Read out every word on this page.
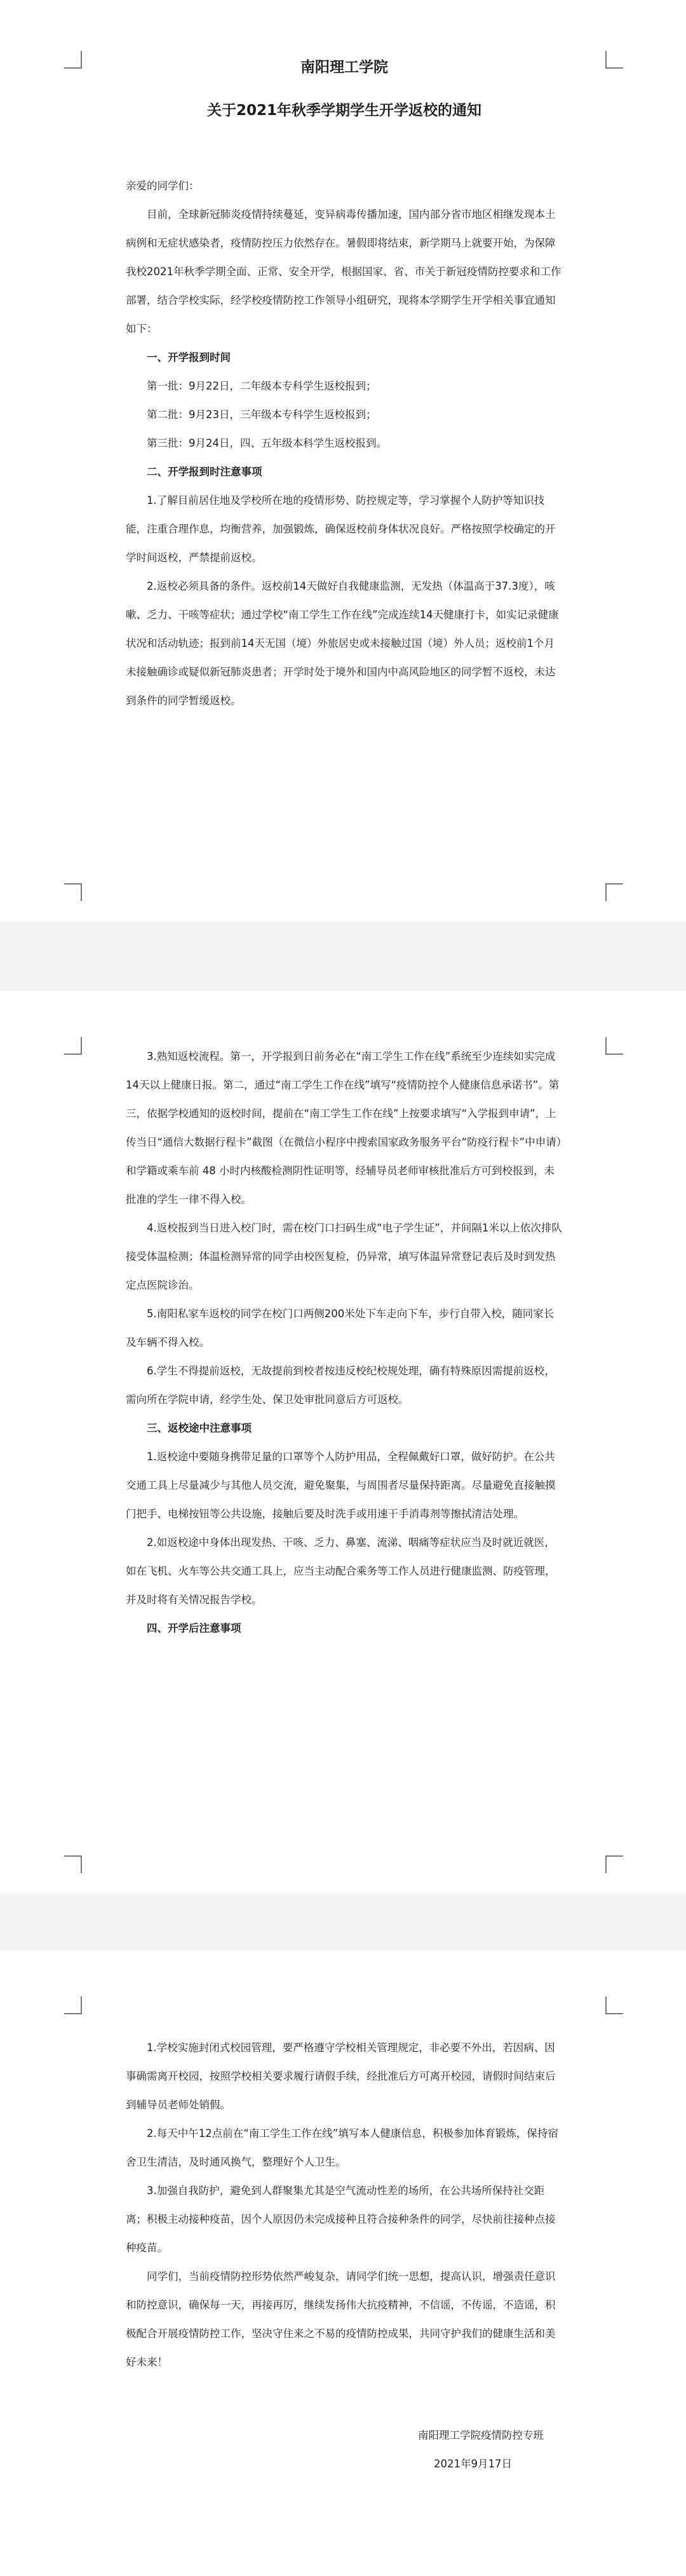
南阳理工学院

关于2021年秋季学期学生开学返校的通知

亲爱的同学们：

目前，全球新冠肺炎疫情持续蔓延，变异病毒传播加速，国内部分省市地区相继发现本土病例和无症状感染者，疫情防控压力依然存在。暑假即将结束，新学期马上就要开始，为保障我校2021年秋季学期全面、正常、安全开学，根据国家、省、市关于新冠疫情防控要求和工作部署，结合学校实际，经学校疫情防控工作领导小组研究，现将本学期学生开学相关事宜通知如下：

一、开学报到时间

第一批：9月22日，二年级本专科学生返校报到；

第二批：9月23日，三年级本专科学生返校报到；

第三批：9月24日，四、五年级本科学生返校报到。

二、开学报到时注意事项

1.了解目前居住地及学校所在地的疫情形势、防控规定等，学习掌握个人防护等知识技能，注重合理作息，均衡营养，加强锻炼，确保返校前身体状况良好。严格按照学校确定的开学时间返校，严禁提前返校。

2.返校必须具备的条件。返校前14天做好自我健康监测，无发热（体温高于37.3度），咳嗽、乏力、干咳等症状；通过学校“南工学生工作在线”完成连续14天健康打卡，如实记录健康状况和活动轨迹；报到前14天无国（境）外旅居史或未接触过国（境）外人员；返校前1个月未接触确诊或疑似新冠肺炎患者；开学时处于境外和国内中高风险地区的同学暂不返校，未达到条件的同学暂缓返校。

3.熟知返校流程。第一，开学报到日前务必在“南工学生工作在线”系统至少连续如实完成14天以上健康日报。第二，通过“南工学生工作在线”填写“疫情防控个人健康信息承诺书”。第三，依据学校通知的返校时间，提前在“南工学生工作在线”上按要求填写“入学报到申请”，上传当日“通信大数据行程卡”截图（在微信小程序中搜索国家政务服务平台“防疫行程卡”中申请）和学籍或乘车前 48 小时内核酸检测阴性证明等，经辅导员老师审核批准后方可到校报到，未批准的学生一律不得入校。

4.返校报到当日进入校门时，需在校门口扫码生成“电子学生证”，并间隔1米以上依次排队接受体温检测；体温检测异常的同学由校医复检，仍异常，填写体温异常登记表后及时到发热定点医院诊治。

5.南阳私家车返校的同学在校门口两侧200米处下车走向下车，步行自带入校，随同家长及车辆不得入校。

6.学生不得提前返校，无故提前到校者按违反校纪校规处理，确有特殊原因需提前返校，需向所在学院申请，经学生处、保卫处审批同意后方可返校。

三、返校途中注意事项

1.返校途中要随身携带足量的口罩等个人防护用品，全程佩戴好口罩，做好防护。在公共交通工具上尽量减少与其他人员交流，避免聚集，与周围者尽量保持距离。尽量避免直接触摸门把手、电梯按钮等公共设施，接触后要及时洗手或用速干手消毒剂等擦拭清洁处理。

2.如返校途中身体出现发热、干咳、乏力、鼻塞、流涕、咽痛等症状应当及时就近就医，如在飞机、火车等公共交通工具上，应当主动配合乘务等工作人员进行健康监测、防疫管理，并及时将有关情况报告学校。

四、开学后注意事项

1.学校实施封闭式校园管理，要严格遵守学校相关管理规定，非必要不外出，若因病、因事确需离开校园，按照学校相关要求履行请假手续，经批准后方可离开校园，请假时间结束后到辅导员老师处销假。

2.每天中午12点前在“南工学生工作在线”填写本人健康信息，积极参加体育锻炼，保持宿舍卫生清洁，及时通风换气，整理好个人卫生。

3.加强自我防护，避免到人群聚集尤其是空气流动性差的场所，在公共场所保持社交距离；积极主动接种疫苗，因个人原因仍未完成接种且符合接种条件的同学，尽快前往接种点接种疫苗。

同学们，当前疫情防控形势依然严峻复杂，请同学们统一思想，提高认识，增强责任意识和防控意识，确保每一天，再接再厉，继续发扬伟大抗疫精神，不信谣，不传谣，不造谣，积极配合开展疫情防控工作，坚决守住来之不易的疫情防控成果，共同守护我们的健康生活和美好未来！

南阳理工学院疫情防控专班

2021年9月17日
